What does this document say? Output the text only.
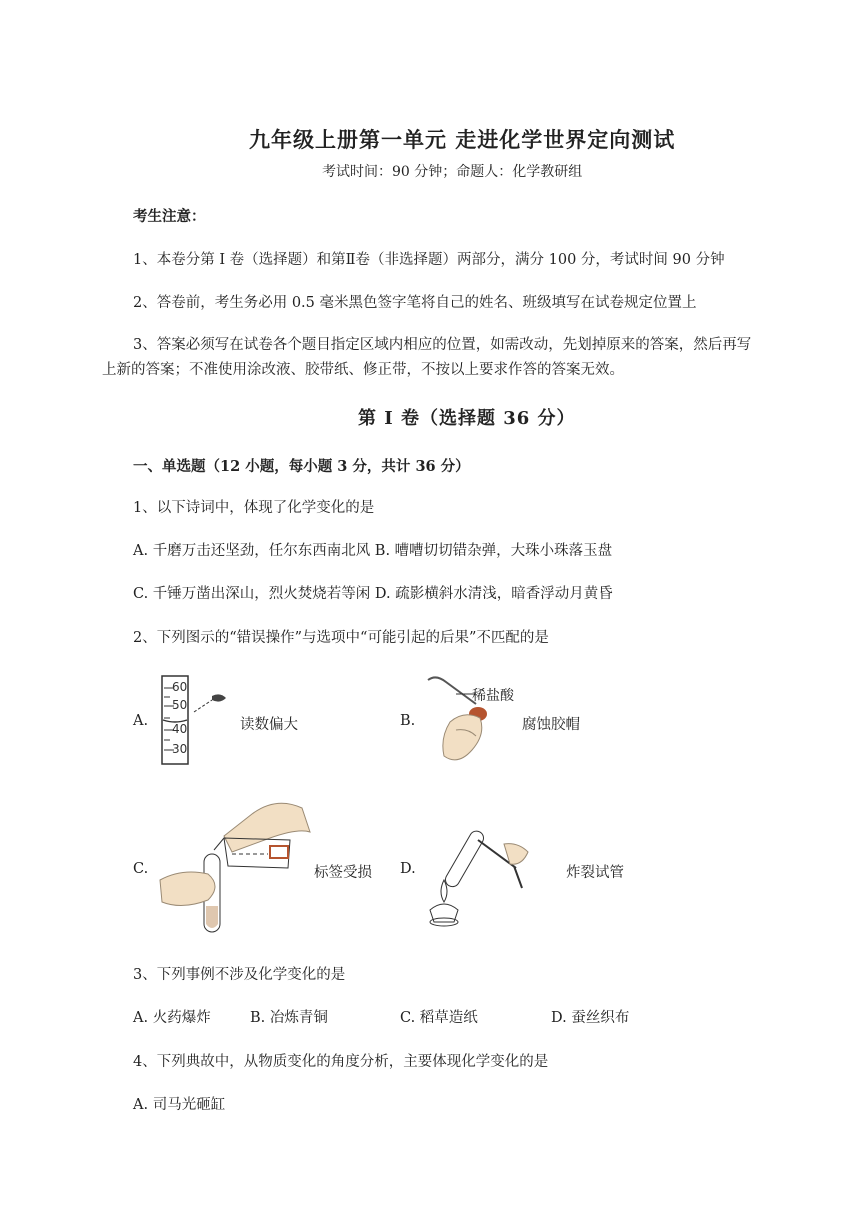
九年级上册第一单元 走进化学世界定向测试
考试时间：90 分钟；命题人：化学教研组
考生注意：
1、本卷分第 I 卷（选择题）和第Ⅱ卷（非选择题）两部分，满分 100 分，考试时间 90 分钟
2、答卷前，考生务必用 0.5 毫米黑色签字笔将自己的姓名、班级填写在试卷规定位置上
3、答案必须写在试卷各个题目指定区域内相应的位置，如需改动，先划掉原来的答案，然后再写
上新的答案；不准使用涂改液、胶带纸、修正带，不按以上要求作答的答案无效。
第 I 卷（选择题 36 分）
一、单选题（12 小题，每小题 3 分，共计 36 分）
1、以下诗词中，体现了化学变化的是
A. 千磨万击还坚劲，任尔东西南北风 B. 嘈嘈切切错杂弹，大珠小珠落玉盘
C. 千锤万凿出深山，烈火焚烧若等闲 D. 疏影横斜水清浅，暗香浮动月黄昏
2、下列图示的“错误操作”与选项中“可能引起的后果”不匹配的是
A.
60
50
40
30
读数偏大	B.
稀盐酸
腐蚀胶帽
C.	标签受损 D.	炸裂试管
3、下列事例不涉及化学变化的是
A. 火药爆炸	B. 冶炼青铜	C. 稻草造纸	D. 蚕丝织布
4、下列典故中，从物质变化的角度分析，主要体现化学变化的是
A. 司马光砸缸
